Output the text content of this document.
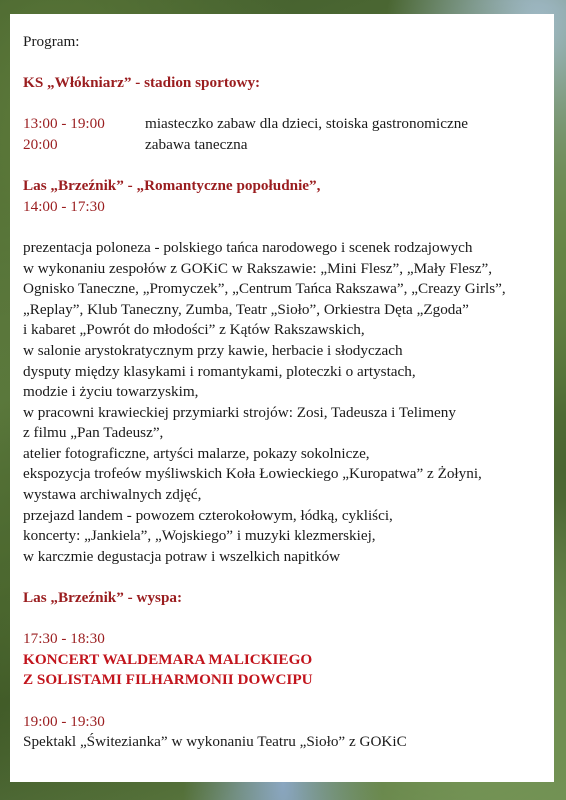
Program:

KS „Włókniarz” - stadion sportowy:

13:00 - 19:00	miasteczko zabaw dla dzieci, stoiska gastronomiczne
20:00	zabawa taneczna

Las „Brzeźnik” - „Romantyczne popołudnie”,

14:00 - 17:30

prezentacja poloneza - polskiego tańca narodowego i scenek rodzajowych

w wykonaniu zespołów z GOKiC w Rakszawie: „Mini Flesz”, „Mały Flesz”,

Ognisko Taneczne, „Promyczek”, „Centrum Tańca Rakszawa”, „Creazy Girls”,

„Replay”, Klub Taneczny, Zumba, Teatr „Sioło”, Orkiestra Dęta „Zgoda”

i kabaret „Powrót do młodości” z Kątów Rakszawskich,

w salonie arystokratycznym przy kawie, herbacie i słodyczach

dysputy między klasykami i romantykami, ploteczki o artystach,

modzie i życiu towarzyskim,

w pracowni krawieckiej przymiarki strojów: Zosi, Tadeusza i Telimeny

z filmu „Pan Tadeusz”,

atelier fotograficzne, artyści malarze, pokazy sokolnicze,

ekspozycja trofeów myśliwskich Koła Łowieckiego „Kuropatwa” z Żołyni,

wystawa archiwalnych zdjęć,

przejazd landem - powozem czterokołowym, łódką, cykliści,

koncerty: „Jankiela”, „Wojskiego” i muzyki klezmerskiej,

w karczmie degustacja potraw i wszelkich napitków

Las „Brzeźnik” - wyspa:

17:30 - 18:30

KONCERT WALDEMARA MALICKIEGO

Z SOLISTAMI FILHARMONII DOWCIPU

19:00 - 19:30

Spektakl „Świtezianka” w wykonaniu Teatru „Sioło” z GOKiC
